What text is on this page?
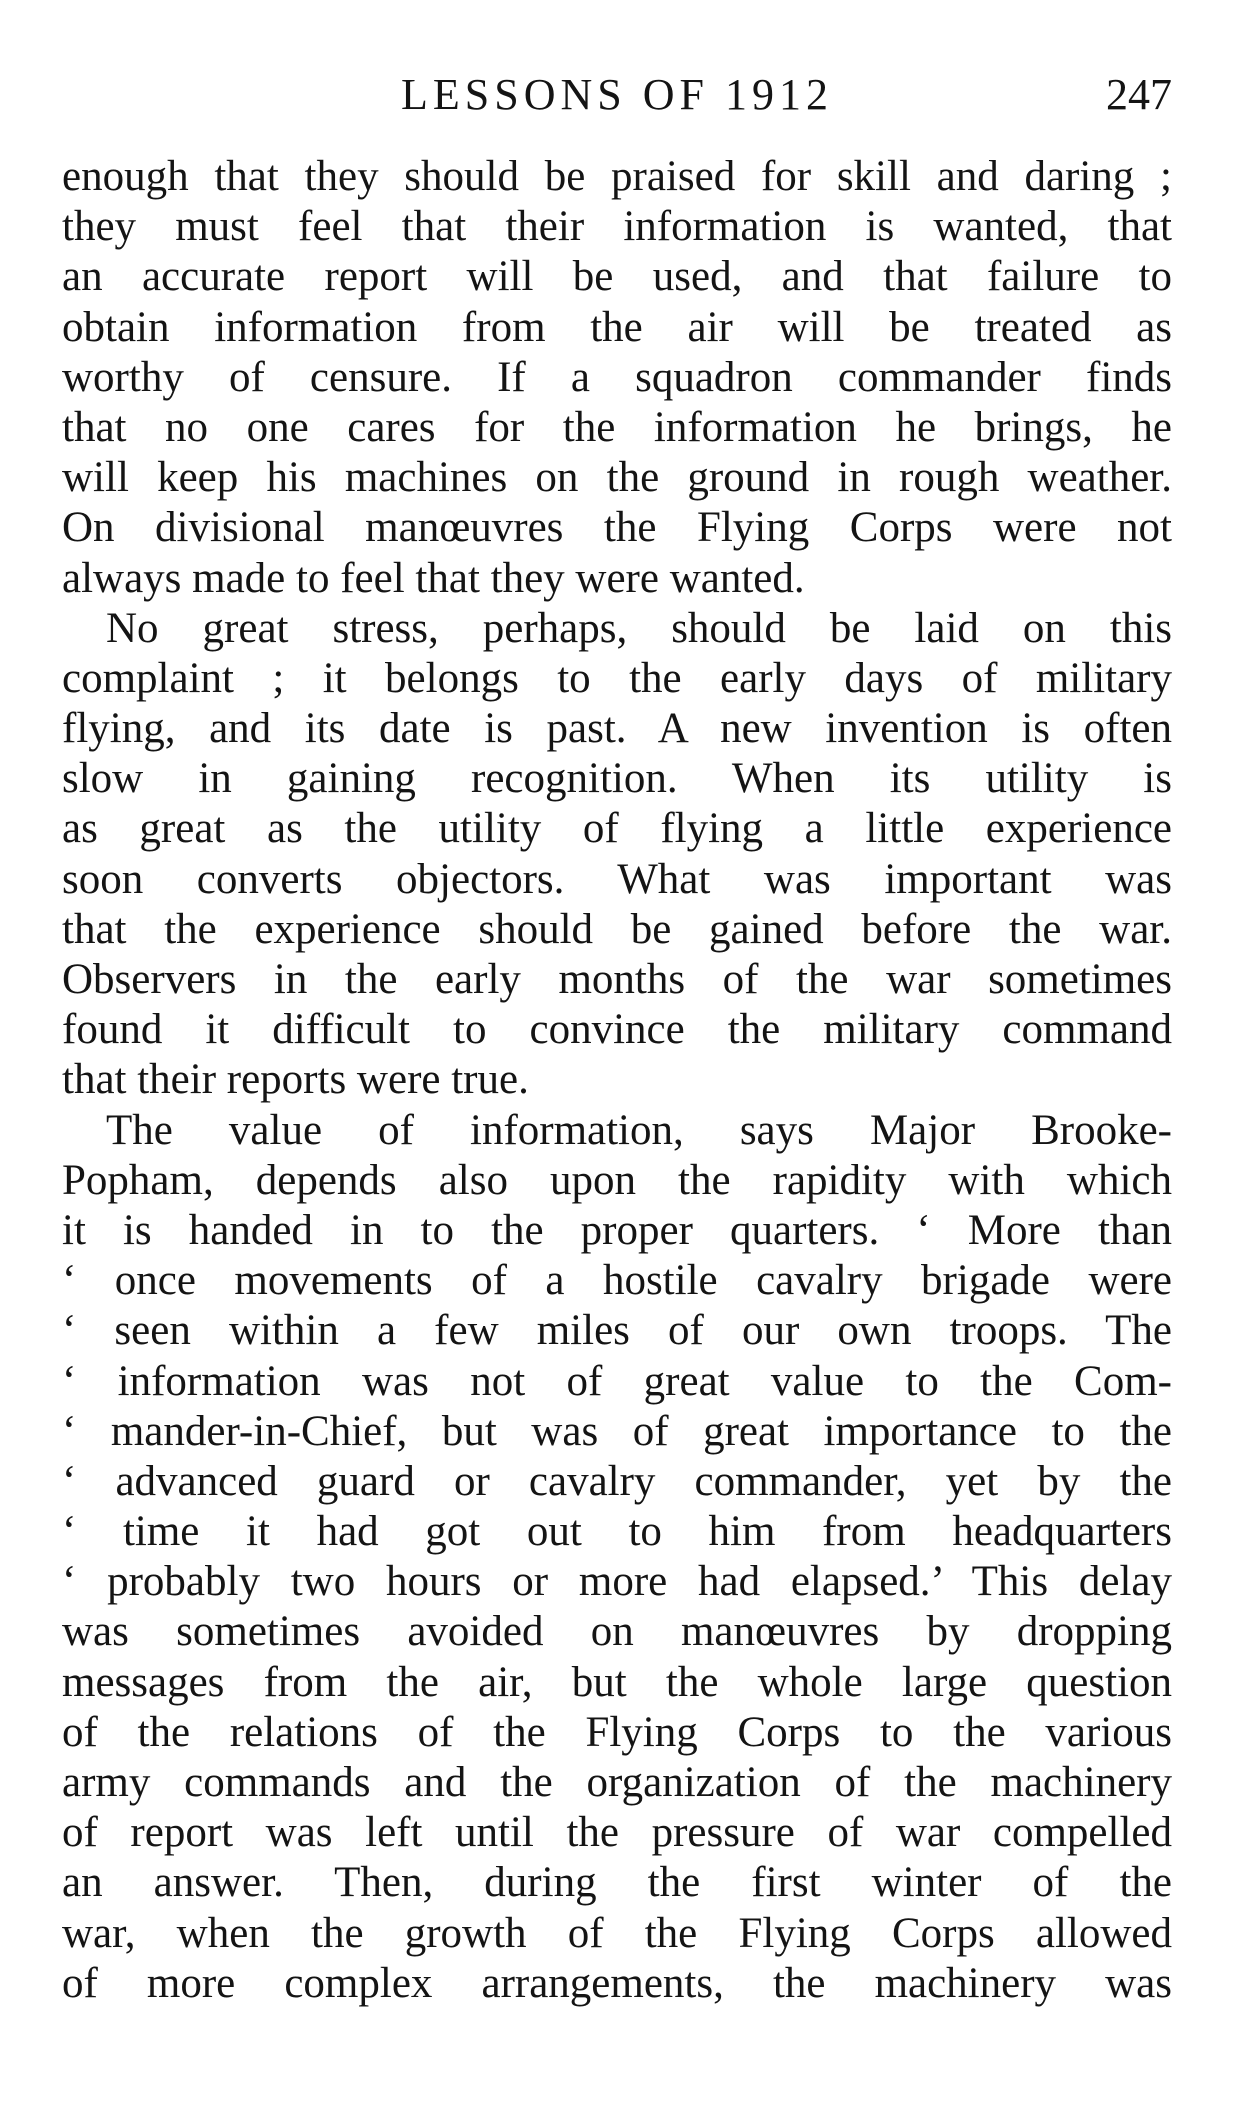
LESSONS OF 1912	247
enough that they should be praised for skill and daring ;
they must feel that their information is wanted, that
an accurate report will be used, and that failure to
obtain information from the air will be treated as
worthy of censure. If a squadron commander finds
that no one cares for the information he brings, he
will keep his machines on the ground in rough weather.
On divisional manœuvres the Flying Corps were not
always made to feel that they were wanted.
No great stress, perhaps, should be laid on this
complaint ; it belongs to the early days of military
flying, and its date is past. A new invention is often
slow in gaining recognition. When its utility is
as great as the utility of flying a little experience
soon converts objectors. What was important was
that the experience should be gained before the war.
Observers in the early months of the war sometimes
found it difficult to convince the military command
that their reports were true.
The value of information, says Major Brooke-
Popham, depends also upon the rapidity with which
it is handed in to the proper quarters. ‘ More than
‘ once movements of a hostile cavalry brigade were
‘ seen within a few miles of our own troops. The
‘ information was not of great value to the Com-
‘ mander-in-Chief, but was of great importance to the
‘ advanced guard or cavalry commander, yet by the
‘ time it had got out to him from headquarters
‘ probably two hours or more had elapsed.’ This delay
was sometimes avoided on manœuvres by dropping
messages from the air, but the whole large question
of the relations of the Flying Corps to the various
army commands and the organization of the machinery
of report was left until the pressure of war compelled
an answer. Then, during the first winter of the
war, when the growth of the Flying Corps allowed
of more complex arrangements, the machinery was
